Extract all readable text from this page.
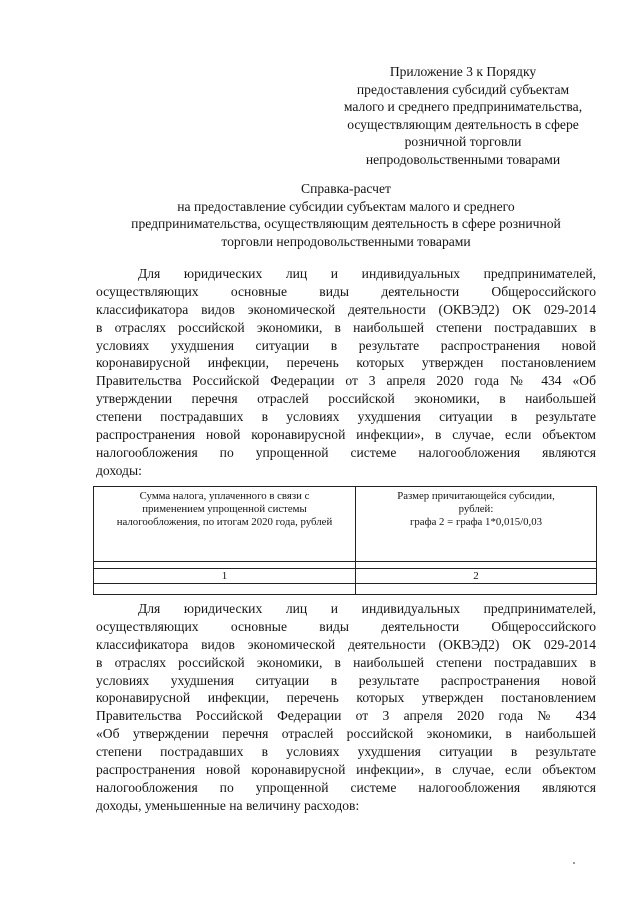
Приложение 3 к Порядку
предоставления субсидий субъектам
малого и среднего предпринимательства,
осуществляющим деятельность в сфере
розничной торговли
непродовольственными товарами
Справка-расчет
на предоставление субсидии субъектам малого и среднего
предпринимательства, осуществляющим деятельность в сфере розничной
торговли непродовольственными товарами
Для юридических лиц и индивидуальных предпринимателей,
осуществляющих основные виды деятельности Общероссийского
классификатора видов экономической деятельности (ОКВЭД2) ОК 029-2014
в отраслях российской экономики, в наибольшей степени пострадавших в
условиях ухудшения ситуации в результате распространения новой
коронавирусной инфекции, перечень которых утвержден постановлением
Правительства Российской Федерации от 3 апреля 2020 года № 434 «Об
утверждении перечня отраслей российской экономики, в наибольшей
степени пострадавших в условиях ухудшения ситуации в результате
распространения новой коронавирусной инфекции», в случае, если объектом
налогообложения по упрощенной системе налогообложения являются
доходы:
Сумма налога, уплаченного в связи с
применением упрощенной системы
налогообложения, по итогам 2020 года, рублей	Размер причитающейся субсидии,
рублей:
графа 2 = графа 1*0,015/0,03

1	2

Для юридических лиц и индивидуальных предпринимателей,
осуществляющих основные виды деятельности Общероссийского
классификатора видов экономической деятельности (ОКВЭД2) ОК 029-2014
в отраслях российской экономики, в наибольшей степени пострадавших в
условиях ухудшения ситуации в результате распространения новой
коронавирусной инфекции, перечень которых утвержден постановлением
Правительства Российской Федерации от 3 апреля 2020 года № 434
«Об утверждении перечня отраслей российской экономики, в наибольшей
степени пострадавших в условиях ухудшения ситуации в результате
распространения новой коронавирусной инфекции», в случае, если объектом
налогообложения по упрощенной системе налогообложения являются
доходы, уменьшенные на величину расходов:
